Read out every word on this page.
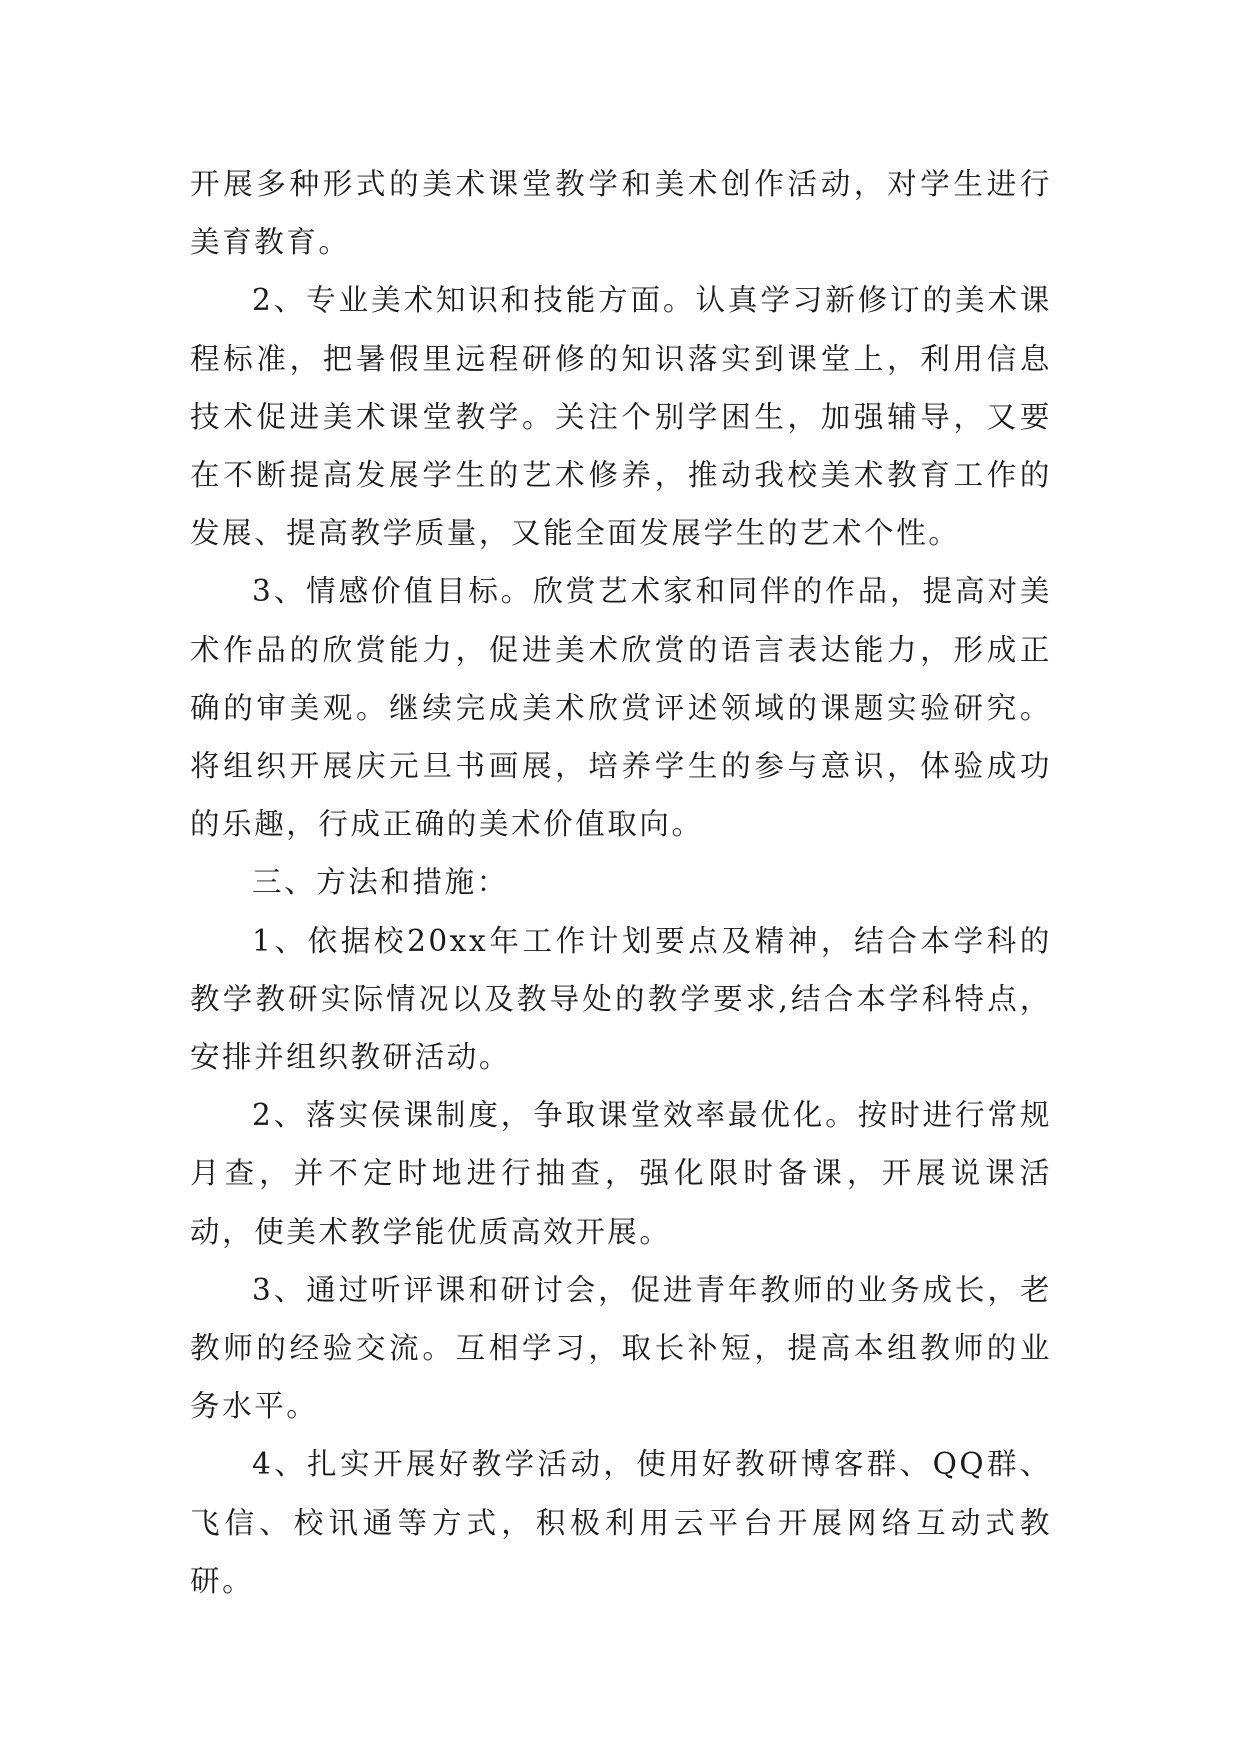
开展多种形式的美术课堂教学和美术创作活动，对学生进行美育教育。

2、专业美术知识和技能方面。认真学习新修订的美术课程标准，把暑假里远程研修的知识落实到课堂上，利用信息技术促进美术课堂教学。关注个别学困生，加强辅导，又要在不断提高发展学生的艺术修养，推动我校美术教育工作的发展、提高教学质量，又能全面发展学生的艺术个性。

3、情感价值目标。欣赏艺术家和同伴的作品，提高对美术作品的欣赏能力，促进美术欣赏的语言表达能力，形成正确的审美观。继续完成美术欣赏评述领域的课题实验研究。将组织开展庆元旦书画展，培养学生的参与意识，体验成功的乐趣，行成正确的美术价值取向。

三、方法和措施：

1、依据校20xx年工作计划要点及精神，结合本学科的教学教研实际情况以及教导处的教学要求,结合本学科特点，安排并组织教研活动。

2、落实侯课制度，争取课堂效率最优化。按时进行常规月查，并不定时地进行抽查，强化限时备课，开展说课活动，使美术教学能优质高效开展。

3、通过听评课和研讨会，促进青年教师的业务成长，老教师的经验交流。互相学习，取长补短，提高本组教师的业务水平。

4、扎实开展好教学活动，使用好教研博客群、QQ群、飞信、校讯通等方式，积极利用云平台开展网络互动式教研。
